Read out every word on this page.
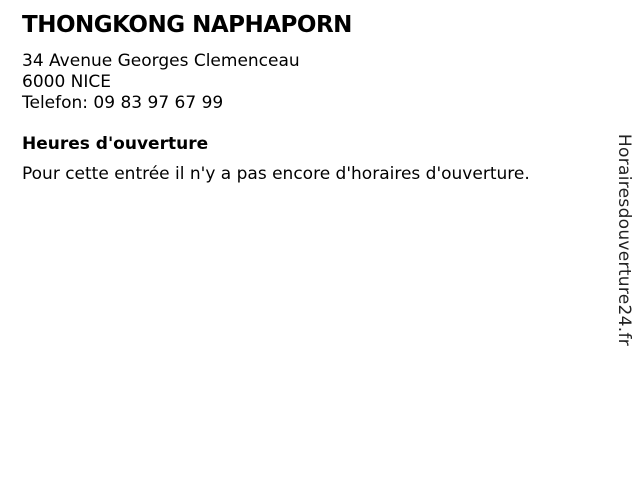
THONGKONG NAPHAPORN
34 Avenue Georges Clemenceau
6000 NICE
Telefon: 09 83 97 67 99
Heures d'ouverture

Pour cette entrée il n'y a pas encore d'horaires d'ouverture.	Horairesdouverture24.fr
